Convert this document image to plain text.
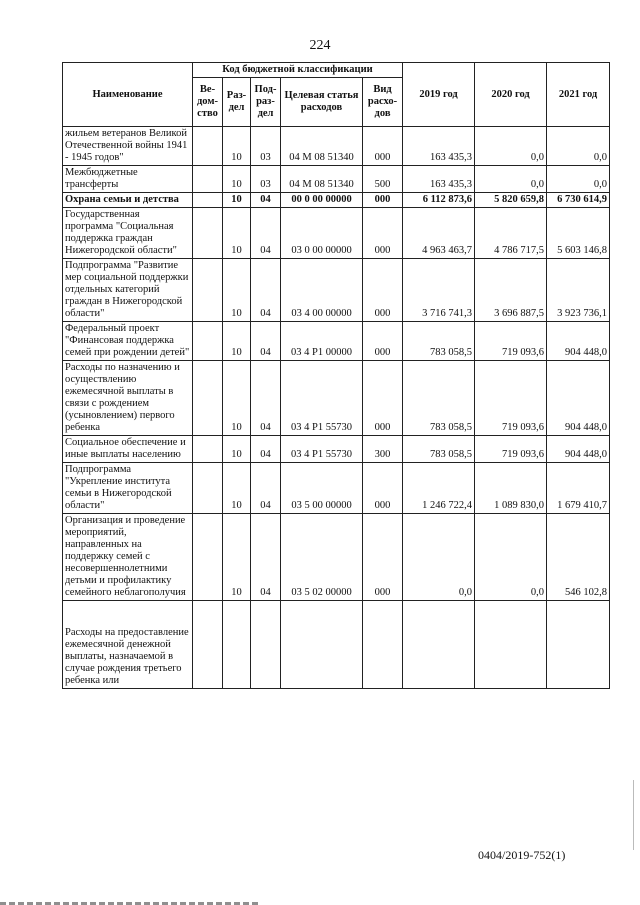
224
Наименование	Код бюджетной классификации					2019 год	2020 год	2021 год
	Ве-дом-ство	Раз-дел	Под-раз-дел	Целевая статья расходов	Вид расхо-дов			
жильем ветеранов Великой Отечественной войны 1941 - 1945 годов"		10	03	04 М 08 51340	000	163 435,3	0,0	0,0
Межбюджетные трансферты		10	03	04 М 08 51340	500	163 435,3	0,0	0,0
Охрана семьи и детства		10	04	00 0 00 00000	000	6 112 873,6	5 820 659,8	6 730 614,9
Государственная программа "Социальная поддержка граждан Нижегородской области"		10	04	03 0 00 00000	000	4 963 463,7	4 786 717,5	5 603 146,8
Подпрограмма "Развитие мер социальной поддержки отдельных категорий граждан в Нижегородской области"		10	04	03 4 00 00000	000	3 716 741,3	3 696 887,5	3 923 736,1
Федеральный проект "Финансовая поддержка семей при рождении детей"		10	04	03 4 P1 00000	000	783 058,5	719 093,6	904 448,0
Расходы по назначению и осуществлению ежемесячной выплаты в связи с рождением (усыновлением) первого ребенка		10	04	03 4 P1 55730	000	783 058,5	719 093,6	904 448,0
Социальное обеспечение и иные выплаты населению		10	04	03 4 P1 55730	300	783 058,5	719 093,6	904 448,0
Подпрограмма "Укрепление института семьи в Нижегородской области"		10	04	03 5 00 00000	000	1 246 722,4	1 089 830,0	1 679 410,7
Организация и проведение мероприятий, направленных на поддержку семей с несовершеннолетними детьми и профилактику семейного неблагополучия		10	04	03 5 02 00000	000	0,0	0,0	546 102,8
Расходы на предоставление ежемесячной денежной выплаты, назначаемой в случае рождения третьего ребенка или								
0404/2019-752(1)
